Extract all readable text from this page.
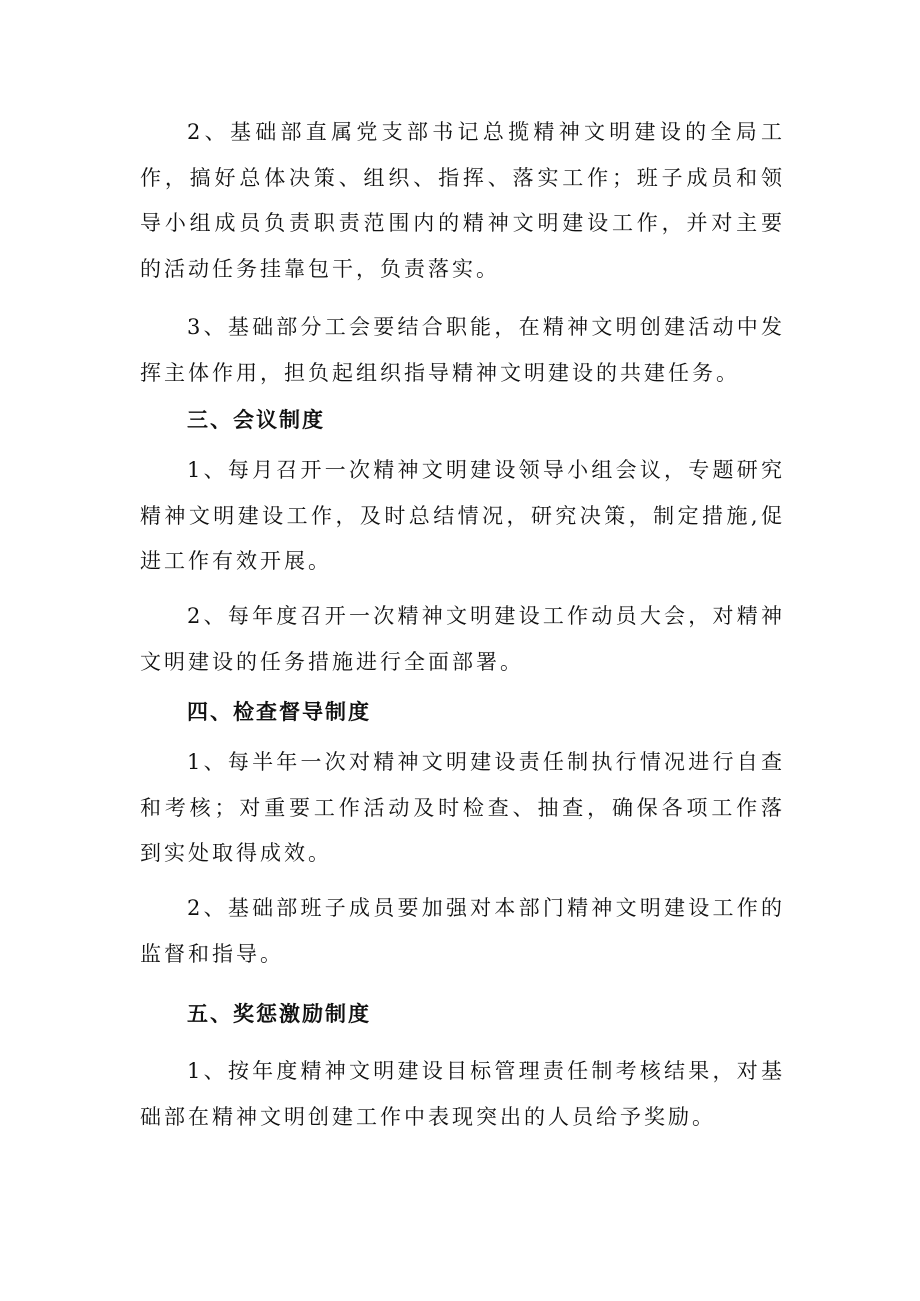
2、基础部直属党支部书记总揽精神文明建设的全局工作，搞好总体决策、组织、指挥、落实工作；班子成员和领导小组成员负责职责范围内的精神文明建设工作，并对主要的活动任务挂靠包干，负责落实。

3、基础部分工会要结合职能，在精神文明创建活动中发挥主体作用，担负起组织指导精神文明建设的共建任务。

三、会议制度

1、每月召开一次精神文明建设领导小组会议，专题研究精神文明建设工作，及时总结情况，研究决策，制定措施,促进工作有效开展。

2、每年度召开一次精神文明建设工作动员大会，对精神文明建设的任务措施进行全面部署。

四、检查督导制度

1、每半年一次对精神文明建设责任制执行情况进行自查和考核；对重要工作活动及时检查、抽查，确保各项工作落到实处取得成效。

2、基础部班子成员要加强对本部门精神文明建设工作的监督和指导。

五、奖惩激励制度

1、按年度精神文明建设目标管理责任制考核结果，对基础部在精神文明创建工作中表现突出的人员给予奖励。
